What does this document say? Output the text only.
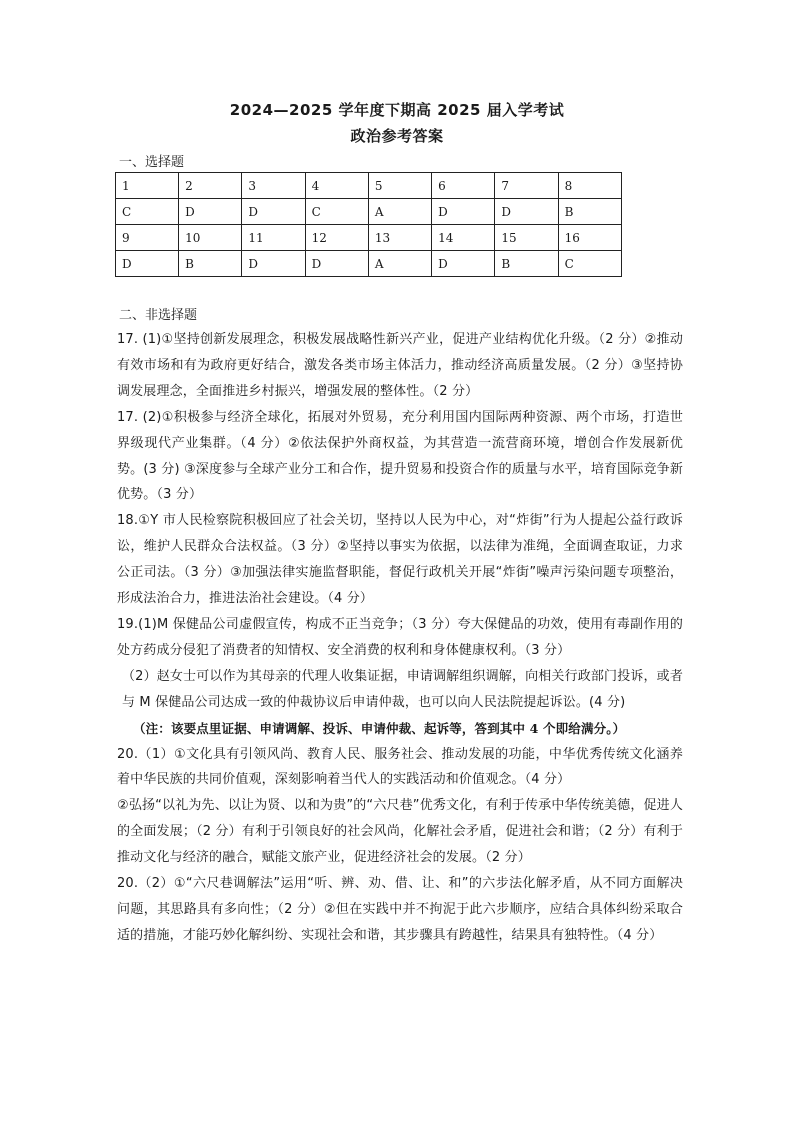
2024—2025 学年度下期高 2025 届入学考试
政治参考答案
一、选择题
1	2	3	4	5	6	7	8
C	D	D	C	A	D	D	B
9	10	11	12	13	14	15	16
D	B	D	D	A	D	B	C
二、非选择题

17. (1)①坚持创新发展理念，积极发展战略性新兴产业，促进产业结构优化升级。（2 分）②推动有效市场和有为政府更好结合，激发各类市场主体活力，推动经济高质量发展。（2 分）③坚持协调发展理念，全面推进乡村振兴，增强发展的整体性。（2 分）

17. (2)①积极参与经济全球化，拓展对外贸易，充分利用国内国际两种资源、两个市场，打造世界级现代产业集群。（4 分）②依法保护外商权益，为其营造一流营商环境，增创合作发展新优势。(3 分) ③深度参与全球产业分工和合作，提升贸易和投资合作的质量与水平，培育国际竞争新优势。（3 分）

18.①Y 市人民检察院积极回应了社会关切，坚持以人民为中心，对“炸街”行为人提起公益行政诉讼，维护人民群众合法权益。（3 分）②坚持以事实为依据，以法律为准绳，全面调查取证，力求公正司法。（3 分）③加强法律实施监督职能，督促行政机关开展“炸街”噪声污染问题专项整治，形成法治合力，推进法治社会建设。（4 分）

19.(1)M 保健品公司虚假宣传，构成不正当竞争；（3 分）夸大保健品的功效，使用有毒副作用的处方药成分侵犯了消费者的知情权、安全消费的权利和身体健康权利。（3 分）

（2）赵女士可以作为其母亲的代理人收集证据，申请调解组织调解，向相关行政部门投诉，或者与 M 保健品公司达成一致的仲裁协议后申请仲裁，也可以向人民法院提起诉讼。(4 分)

（注：该要点里证据、申请调解、投诉、申请仲裁、起诉等，答到其中 4 个即给满分。）

20.（1）①文化具有引领风尚、教育人民、服务社会、推动发展的功能，中华优秀传统文化涵养着中华民族的共同价值观，深刻影响着当代人的实践活动和价值观念。（4 分）

②弘扬“以礼为先、以让为贤、以和为贵”的“六尺巷”优秀文化，有利于传承中华传统美德，促进人的全面发展；（2 分）有利于引领良好的社会风尚，化解社会矛盾，促进社会和谐；（2 分）有利于推动文化与经济的融合，赋能文旅产业，促进经济社会的发展。（2 分）

20.（2）①“六尺巷调解法”运用“听、辨、劝、借、让、和”的六步法化解矛盾，从不同方面解决问题，其思路具有多向性；（2 分）②但在实践中并不拘泥于此六步顺序，应结合具体纠纷采取合适的措施，才能巧妙化解纠纷、实现社会和谐，其步骤具有跨越性，结果具有独特性。（4 分）
